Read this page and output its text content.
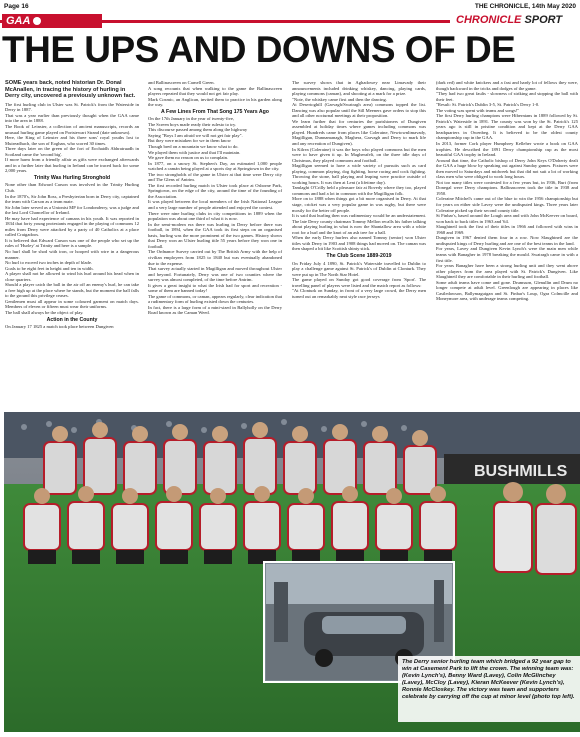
Page 16	THE CHRONICLE, 14th May 2020
GAA	CHRONICLE SPORT
THE UPS AND DOWNS OF DE

SOME years back, noted historian Dr. Donal McAnallen, in tracing the history of hurling in Derry city, uncovered a previously unknown fact.

The first hurling club in Ulster was St. Patrick's from the Waterside in Derry in 1887.

That was a year earlier than previously thought when the GAA came into the area in 1888.

The Book of Leinster, a collection of ancient manuscripts, records an unusual hurling game played on Portstewart Strand (date unknown).

Here, the King of Leinster and his three sons' royal youths lost to Muireadhach, the son of Eoghan, who scored 30 times.

Three days later on the green of the fort of Eochaidh Abhratruadh in Scotland came the 'second big'.

If more harm from a friendly affair as gifts were exchanged afterwards and in a further later that hurling in Ireland can be traced back for some 2,000 years.

Trinity Was Hurling Stronghold

None other than Edward Carson was involved in the Trinity Hurling Club.

In the 1870's, Sir John Ross, a Presbyterian born in Derry city, captained the team with Carson as a team mate.

Sir John later served as a Unionist MP for Londonderry, was a judge and the last Lord Chancellor of Ireland.

He may have had experience of camans in his youth. It was reported in 1834 that forty young protestants engaged in the playing of commons 12 miles from Derry were attacked by a party of 40 Catholics at a place called Craigadoos.

It is believed that Edward Carson was one of the people who set up the rules of 'Hurley' at Trinity and here is a sample.

No hurl shall be shod with iron, or hooped with wire in a dangerous manner.

No hurl to exceed two inches in depth of blade.

Goals to be eight feet in height and ten in width.

A player shall not be allowed to wind his hurl around his head when in close quarters.

Should a player catch the ball in the air off an enemy's hurl, he can take a free high up at the place where he stands, but the moment the ball falls to the ground this privilege ceases.

Gentlemen must all appear in some coloured garment on match days. Members of eleven or fifteen must wear their uniforms.

The ball shall always be the object of play.

Action in the County

On January 17 1825 a match took place between Dungiven

and Ballinascreen on Carnell Green.

A song recounts that when walking to the game the Ballinascreen players repeated that they would not get fair play.

Mark Cosmic, an Anglican, invited them to practice in his garden along the way.

A Few Lines From That Song 175 Years Ago

On the 17th January in the year of twenty-five,

The Screen boys made ready their rulesto to try.

This discourse passed among them along the highway

Saying "Boys I am afraid we will not get fair play".

But they were mistaken for we in them know

Though bred on a mountain we know what to do.

We played them with justice and that I'll maintain.

We gave them no reason on us to complain.

In 1877, on a snowy St. Stephen's Day, an estimated 1,000 people watched a camán being played at a sports day at Springtown in the city.

The two strongholds of the game in Ulster at that time were Derry city and The Glens of Antrim.

The first recorded hurling match in Ulster took place at Osborne Park, Springtown, on the edge of the city, around the time of the founding of the Association.

It was played between the local members of the Irish National League and a very large number of people attended and enjoyed the contest.

There were nine hurling clubs in city competitions in 1889 when the population was about one third of what it is now.

In the semi-modern era there was hurling in Derry before there was football, in 1894, when the GAA took its first steps on an organised basis, hurling was the more prominent of the two games. History shows that Derry won an Ulster hurling title 55 years before they won one in football.

The Ordnance Survey carried out by The British Army with the help of civilian employees from 1825 to 1840 but was eventually abandoned due to the expense.

That survey actually started in Magilligan and moved throughout Ulster and beyond. Fortunately, Derry was one of two counties where the survey was almost completed, of the time before Antrim.

It gives a great insight to what the Irish had for sport and recreation - some of them are banned today!

The game of commons, or caman, appears regularly, clear indication that a rudimentary form of hurling existed down the centuries.

In fact, there is a large form of a mini-sized in Ballyholly on the Derry Road known as the Caman Weed.

The survey shows that in Aghadowey near Limavady their announcements included drinking whiskey, dancing, playing cards, playing commons (caman), and shooting at a mark for a prize.

"Note, the whiskey came first and then the dancing.

At Desertoghill (Garvagh/Swatragh area) commons topped the list. Dancing was also popular until the Sill Meeners gave orders to stop this and all other nocturnal meetings at their proposition.

We learn further that for centuries the parishioners of Dungiven assembled at holiday times where games including commons was played. Hundreds came from places like Coleraine, Newtownlimavady, Magilligan, Dunnamanagh, Maghera, Garvagh and Derry to mark life and any recreation of Dungiven).

In Kilrea (Coleraine) it was the boys who played commons but the men were to have given it up. In Magherafelt, on the three idle days of Christmas, they played commons and football.

Magilligan seemed to have a wide variety of pursuits such as card playing, common playing, dog fighting, horse racing and cock fighting. Throwing the stone, ball playing and leaping were practice outside of working hours. It was then at Lent (a lifetime day).

Tamlaght O'Crilly held a pleasure fair at Bovedy where they too, played commons and had a lot in common with the Magilligan folk.

More on to 1888 when things got a bit more organised in Derry. At that stage, cricket was a very popular game in was rugby, but there were mostly for the better off people.

It is said that hurling then was rudimentary would be an understatement. The late Derry county chairman Tommy Mellon recalls his father talking about playing hurling in what is now the Shantallow area with a white root for a hurl and the knot of an ash tree for a ball.

When the early Derry hurlers also named Tommy (senior) won Ulster titles with Derry in 1903 and 1908 things had moved on. The caman was then shaped a bit like Scottish shinty stick.

The Club Scene 1889-2019

On Friday July 4 1890, St. Patrick's Waterside travelled to Dublin to play a challenge game against St. Patrick's of Dublin at Clonturk. They were put up in The North Star Hotel.

The game played on Sunday got good coverage from 'Sport'. The travelling panel of players were listed and the match report as follows:

"At Clonturk on Sunday, in front of a very large crowd, the Derry men turned out an remarkably neat style race jerseys

(dark red) and white knickers and a fast and hardy lot of fellows they were, though backward in the tricks and dodges of the game.

"They had two great faults - slowness of striking and stopping the ball with their feet.

"Result: St. Patrick's Dublin 3-5, St. Patrick's Derry 1-0.

The voting was spent with teams and songs!"

The first Derry hurling champions were Hibernians in 1889 followed by St. Patrick's Waterside in 1891. The county was won by the St. Patrick's 125 years ago is still in pristine condition and kept at the Derry GAA headquarters in Owenbeg. It is believed to be the oldest county championship cup in the GAA.

In 2013, former Cork player Humphrey Kelleher wrote a book on GAA trophies. He described the 1891 Derry championship cup as the most beautiful GAA trophy in Ireland.

Around that time, the Catholic bishop of Derry John Keys O'Doherty dealt the GAA a huge blow by speaking out against Sunday games. Fixtures were then moved to Saturdays and midweek but that did not suit a lot of working class men who were obliged to work long hours.

Not too many titles were contested for a few years but, in 1936, Burt (from Donegal were Derry champions. Ballinascreen took the title in 1938 and 1950.

Coleraine Mitchel's came out of the blue to win the 1956 championship but for years on either side Lavey were the undisputed kings. Three years later Coleraine picked up their second county title.

St Finbar's, based around the Lough area and with John McKeever on board, won back to back titles in 1963 and '64.

Slaughtneil took the first of their titles in 1966 and followed with wins in 1968 and 1969.

Dungiven in 1967 denied them four in a row. Now Slaughtneil are the undisputed kings of Derry hurling and are one of the best teams in the land.

For years, Lavey and Dungiven Kevin Lynch's were the main men while teams with Banagher in 1978 breaking the mould. Swatragh came in with a first title.

For years Banagher have been a strong hurling unit and they went above other players from the area played with St. Patrick's Dungiven. Like Slaughtneil they are comfortable in their hurling and football.

Some adult teams have come and gone. Drumsurn, Glenullin and Drum no longer compete at adult level. Greenlough are appearing in places like Castledawson, Ballymaguigan and St. Finbar's Loup, Ogra Colmcille and Moneymore area, with underage teams competing.

BUSHMILLS
The Derry senior hurling team which bridged a 92 year gap to win at Casement Park to lift the crown. The winning team was: (Kevin Lynch's), Benny Ward (Lavey), Colin McGlinchey (Lavey), McCloy (Lavey), Kieran McKeever (Kevin Lynch's), Ronnie McCloskey. The victory was team and supporters celebrate by carrying off the cup at minor level (photo top left).
